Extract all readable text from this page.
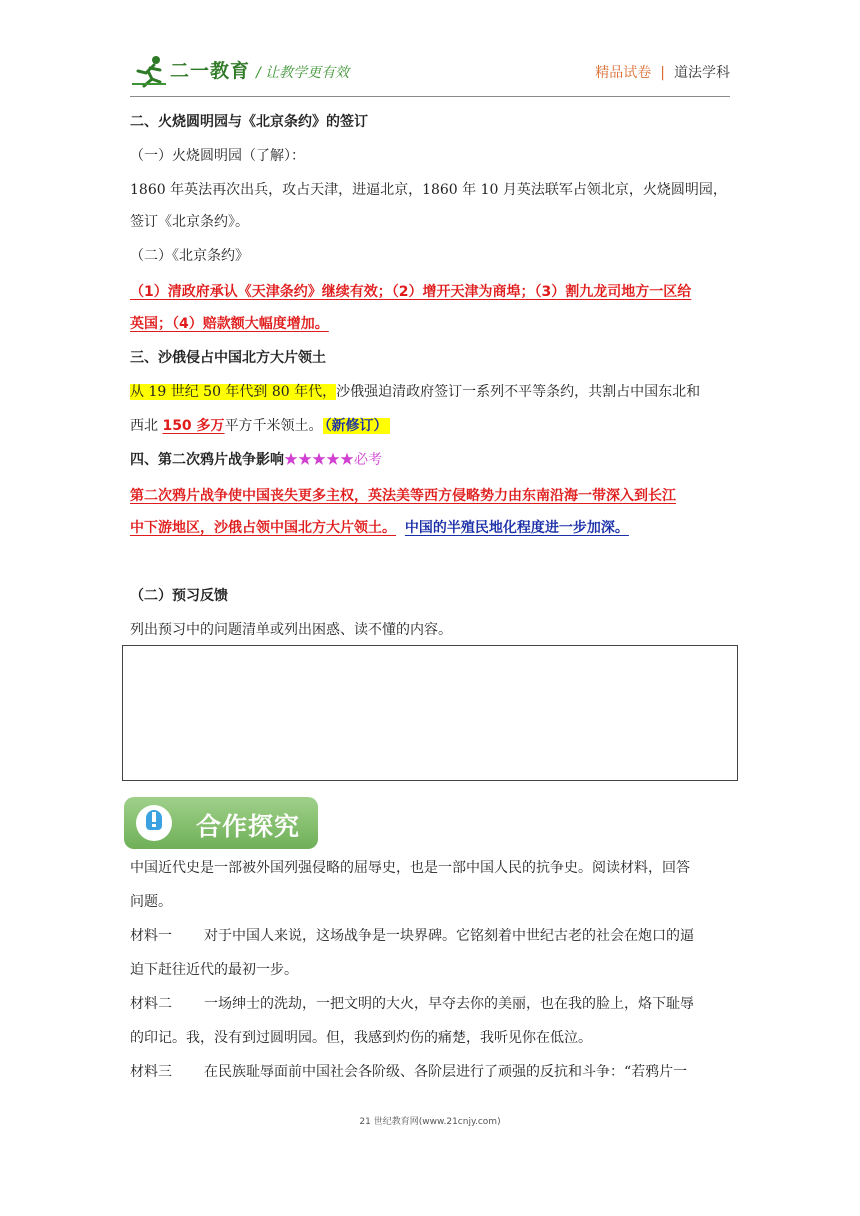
二一教育 / 让教学更有效	精品试卷 | 道法学科
二、火烧圆明园与《北京条约》的签订
（一）火烧圆明园（了解）：
1860 年英法再次出兵，攻占天津，进逼北京，1860 年 10 月英法联军占领北京，火烧圆明园，
签订《北京条约》。
（二）《北京条约》
（1）清政府承认《天津条约》继续有效；（2）增开天津为商埠；（3）割九龙司地方一区给
英国；（4）赔款额大幅度增加。
三、沙俄侵占中国北方大片领土
从 19 世纪 50 年代到 80 年代，沙俄强迫清政府签订一系列不平等条约，共割占中国东北和
西北 150 多万平方千米领土。 （新修订）
四、第二次鸦片战争影响★★★★★必考
第二次鸦片战争使中国丧失更多主权，英法美等西方侵略势力由东南沿海一带深入到长江
中下游地区，沙俄占领中国北方大片领土。 中国的半殖民地化程度进一步加深。
（二）预习反馈
列出预习中的问题清单或列出困惑、读不懂的内容。
合作探究
中国近代史是一部被外国列强侵略的屈辱史，也是一部中国人民的抗争史。阅读材料，回答
问题。
材料一 对于中国人来说，这场战争是一块界碑。它铭刻着中世纪古老的社会在炮口的逼
迫下赶往近代的最初一步。
材料二 一场绅士的洗劫，一把文明的大火，早夺去你的美丽，也在我的脸上，烙下耻辱
的印记。我，没有到过圆明园。但，我感到灼伤的痛楚，我听见你在低泣。
材料三 在民族耻辱面前中国社会各阶级、各阶层进行了顽强的反抗和斗争：“若鸦片一
21 世纪教育网(www.21cnjy.com)
